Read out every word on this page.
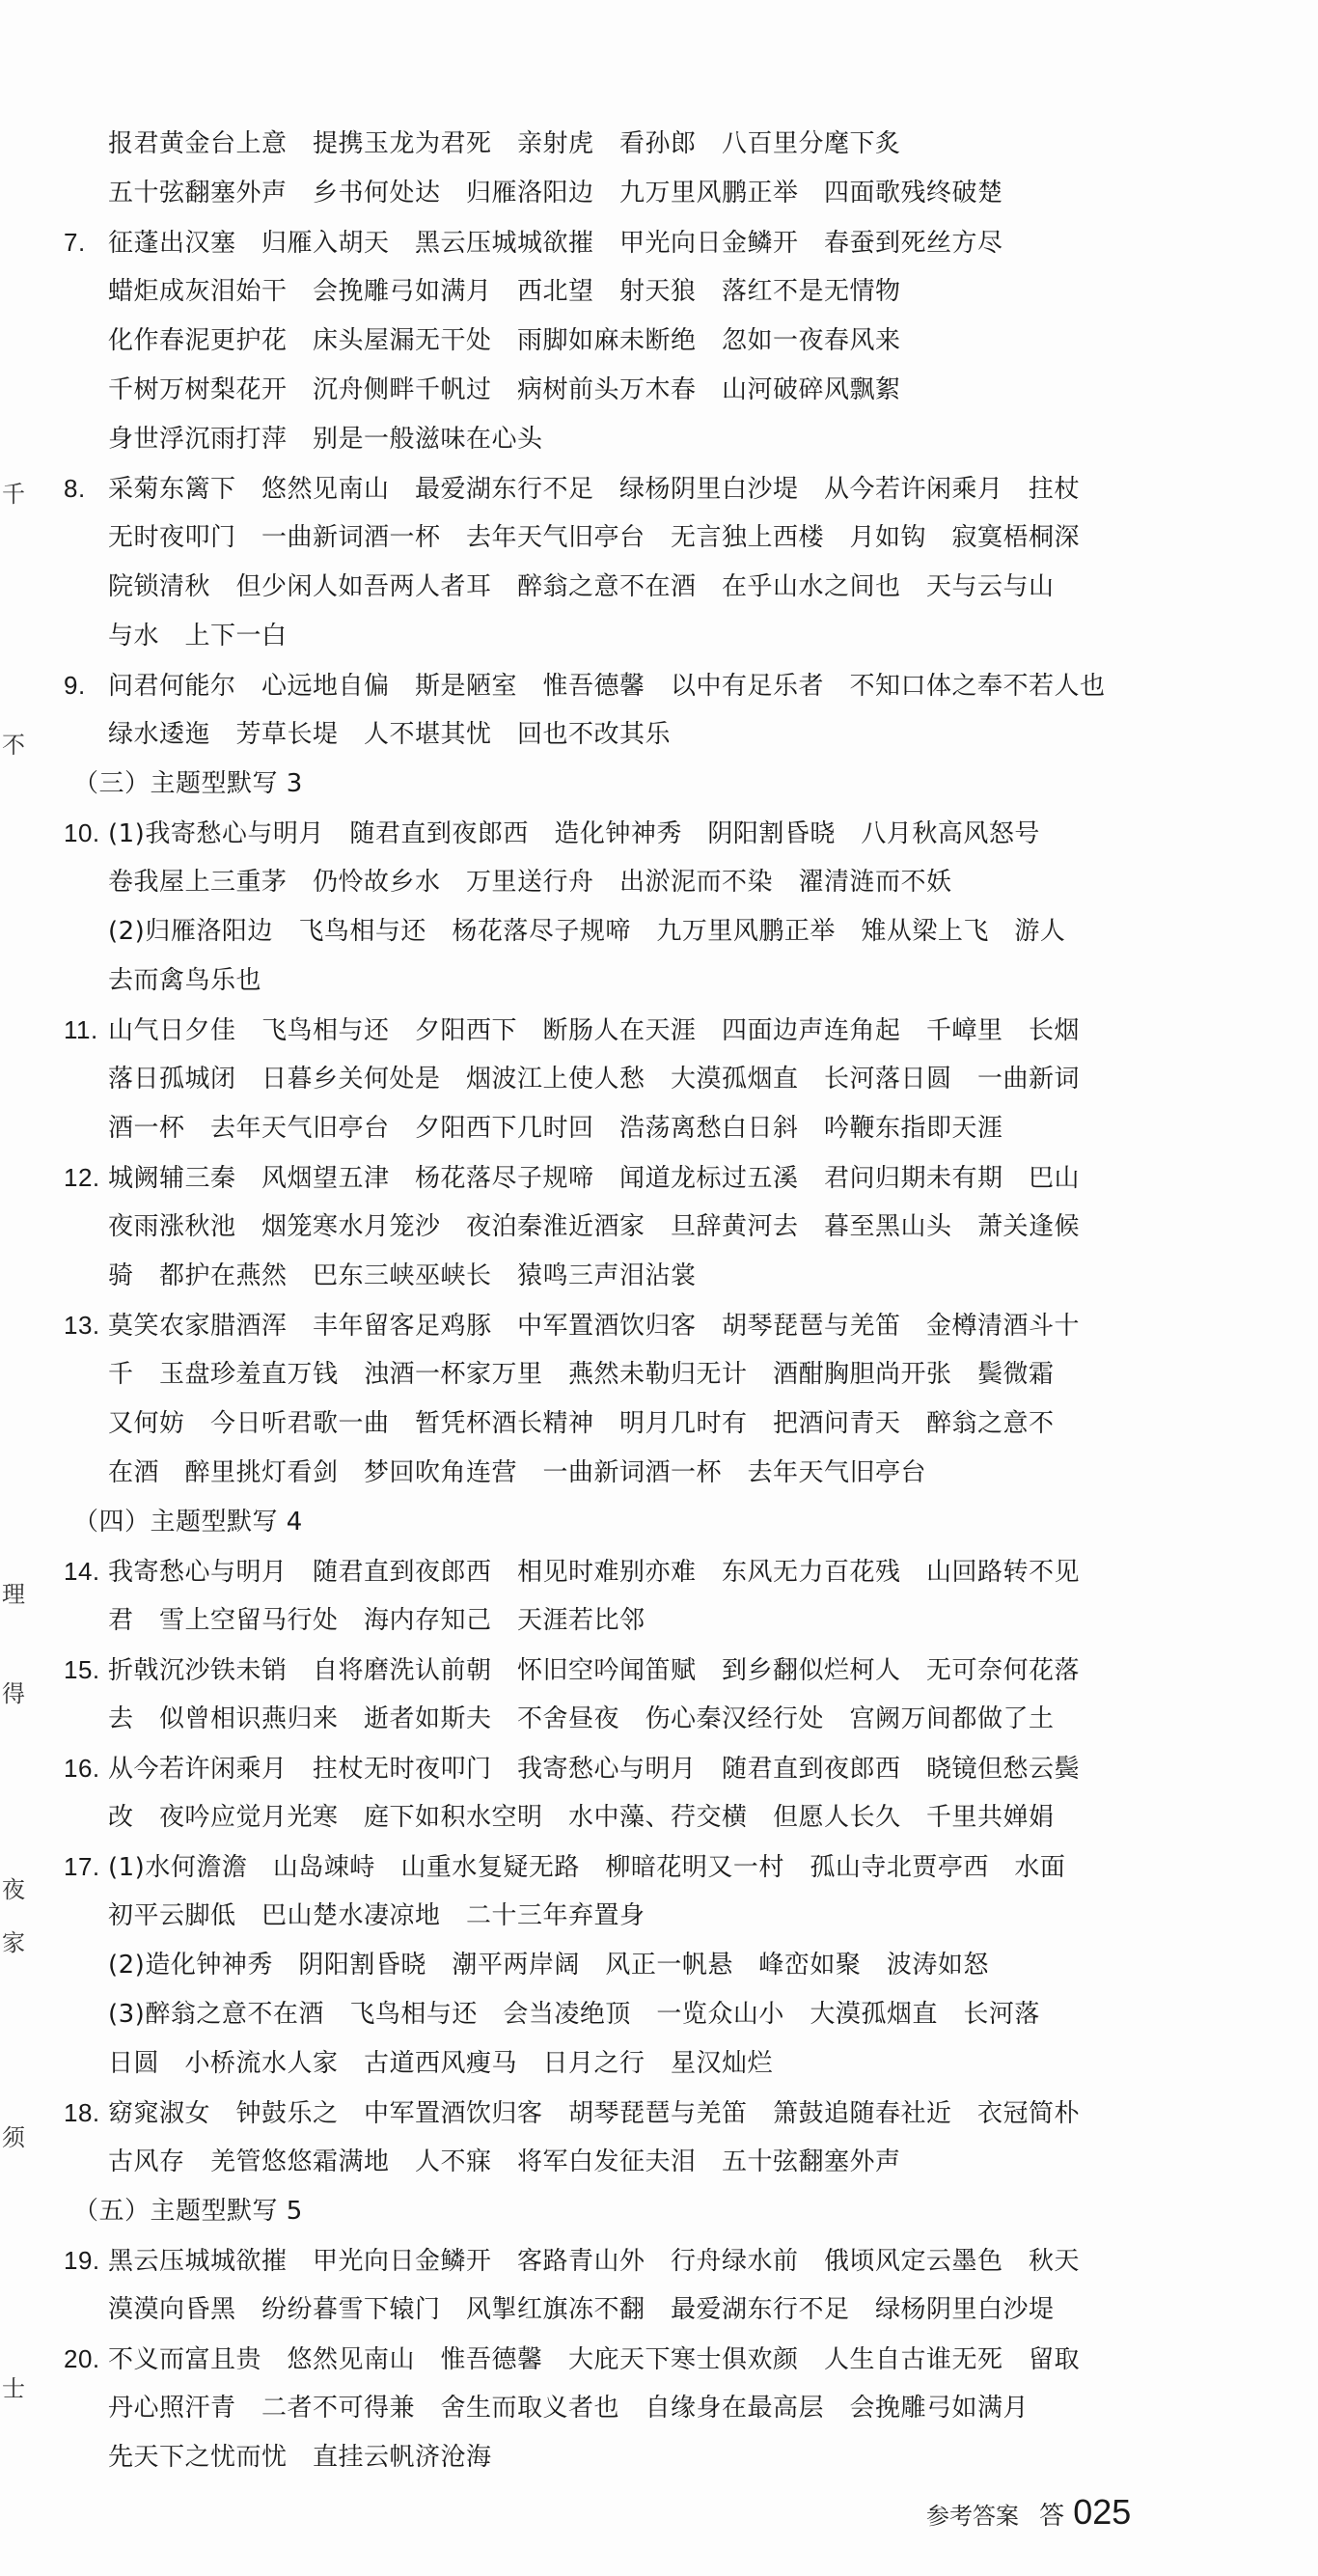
千
不
理
得
夜
家
须
士
报君黄金台上意　提携玉龙为君死　亲射虎　看孙郎　八百里分麾下炙
五十弦翻塞外声　乡书何处达　归雁洛阳边　九万里风鹏正举　四面歌残终破楚
7. 征蓬出汉塞　归雁入胡天　黑云压城城欲摧　甲光向日金鳞开　春蚕到死丝方尽
蜡炬成灰泪始干　会挽雕弓如满月　西北望　射天狼　落红不是无情物
化作春泥更护花　床头屋漏无干处　雨脚如麻未断绝　忽如一夜春风来
千树万树梨花开　沉舟侧畔千帆过　病树前头万木春　山河破碎风飘絮
身世浮沉雨打萍　别是一般滋味在心头
8. 采菊东篱下　悠然见南山　最爱湖东行不足　绿杨阴里白沙堤　从今若许闲乘月　拄杖
无时夜叩门　一曲新词酒一杯　去年天气旧亭台　无言独上西楼　月如钩　寂寞梧桐深
院锁清秋　但少闲人如吾两人者耳　醉翁之意不在酒　在乎山水之间也　天与云与山
与水　上下一白
9. 问君何能尔　心远地自偏　斯是陋室　惟吾德馨　以中有足乐者　不知口体之奉不若人也
绿水逶迤　芳草长堤　人不堪其忧　回也不改其乐
（三）主题型默写 3
10. (1)我寄愁心与明月　随君直到夜郎西　造化钟神秀　阴阳割昏晓　八月秋高风怒号
卷我屋上三重茅　仍怜故乡水　万里送行舟　出淤泥而不染　濯清涟而不妖
(2)归雁洛阳边　飞鸟相与还　杨花落尽子规啼　九万里风鹏正举　雉从梁上飞　游人
去而禽鸟乐也
11. 山气日夕佳　飞鸟相与还　夕阳西下　断肠人在天涯　四面边声连角起　千嶂里　长烟
落日孤城闭　日暮乡关何处是　烟波江上使人愁　大漠孤烟直　长河落日圆　一曲新词
酒一杯　去年天气旧亭台　夕阳西下几时回　浩荡离愁白日斜　吟鞭东指即天涯
12. 城阙辅三秦　风烟望五津　杨花落尽子规啼　闻道龙标过五溪　君问归期未有期　巴山
夜雨涨秋池　烟笼寒水月笼沙　夜泊秦淮近酒家　旦辞黄河去　暮至黑山头　萧关逢候
骑　都护在燕然　巴东三峡巫峡长　猿鸣三声泪沾裳
13. 莫笑农家腊酒浑　丰年留客足鸡豚　中军置酒饮归客　胡琴琵琶与羌笛　金樽清酒斗十
千　玉盘珍羞直万钱　浊酒一杯家万里　燕然未勒归无计　酒酣胸胆尚开张　鬓微霜
又何妨　今日听君歌一曲　暂凭杯酒长精神　明月几时有　把酒问青天　醉翁之意不
在酒　醉里挑灯看剑　梦回吹角连营　一曲新词酒一杯　去年天气旧亭台
（四）主题型默写 4
14. 我寄愁心与明月　随君直到夜郎西　相见时难别亦难　东风无力百花残　山回路转不见
君　雪上空留马行处　海内存知己　天涯若比邻
15. 折戟沉沙铁未销　自将磨洗认前朝　怀旧空吟闻笛赋　到乡翻似烂柯人　无可奈何花落
去　似曾相识燕归来　逝者如斯夫　不舍昼夜　伤心秦汉经行处　宫阙万间都做了土
16. 从今若许闲乘月　拄杖无时夜叩门　我寄愁心与明月　随君直到夜郎西　晓镜但愁云鬓
改　夜吟应觉月光寒　庭下如积水空明　水中藻、荇交横　但愿人长久　千里共婵娟
17. (1)水何澹澹　山岛竦峙　山重水复疑无路　柳暗花明又一村　孤山寺北贾亭西　水面
初平云脚低　巴山楚水凄凉地　二十三年弃置身
(2)造化钟神秀　阴阳割昏晓　潮平两岸阔　风正一帆悬　峰峦如聚　波涛如怒
(3)醉翁之意不在酒　飞鸟相与还　会当凌绝顶　一览众山小　大漠孤烟直　长河落
日圆　小桥流水人家　古道西风瘦马　日月之行　星汉灿烂
18. 窈窕淑女　钟鼓乐之　中军置酒饮归客　胡琴琵琶与羌笛　箫鼓追随春社近　衣冠简朴
古风存　羌管悠悠霜满地　人不寐　将军白发征夫泪　五十弦翻塞外声
（五）主题型默写 5
19. 黑云压城城欲摧　甲光向日金鳞开　客路青山外　行舟绿水前　俄顷风定云墨色　秋天
漠漠向昏黑　纷纷暮雪下辕门　风掣红旗冻不翻　最爱湖东行不足　绿杨阴里白沙堤
20. 不义而富且贵　悠然见南山　惟吾德馨　大庇天下寒士俱欢颜　人生自古谁无死　留取
丹心照汗青　二者不可得兼　舍生而取义者也　自缘身在最高层　会挽雕弓如满月
先天下之忧而忧　直挂云帆济沧海
参考答案 答 025
